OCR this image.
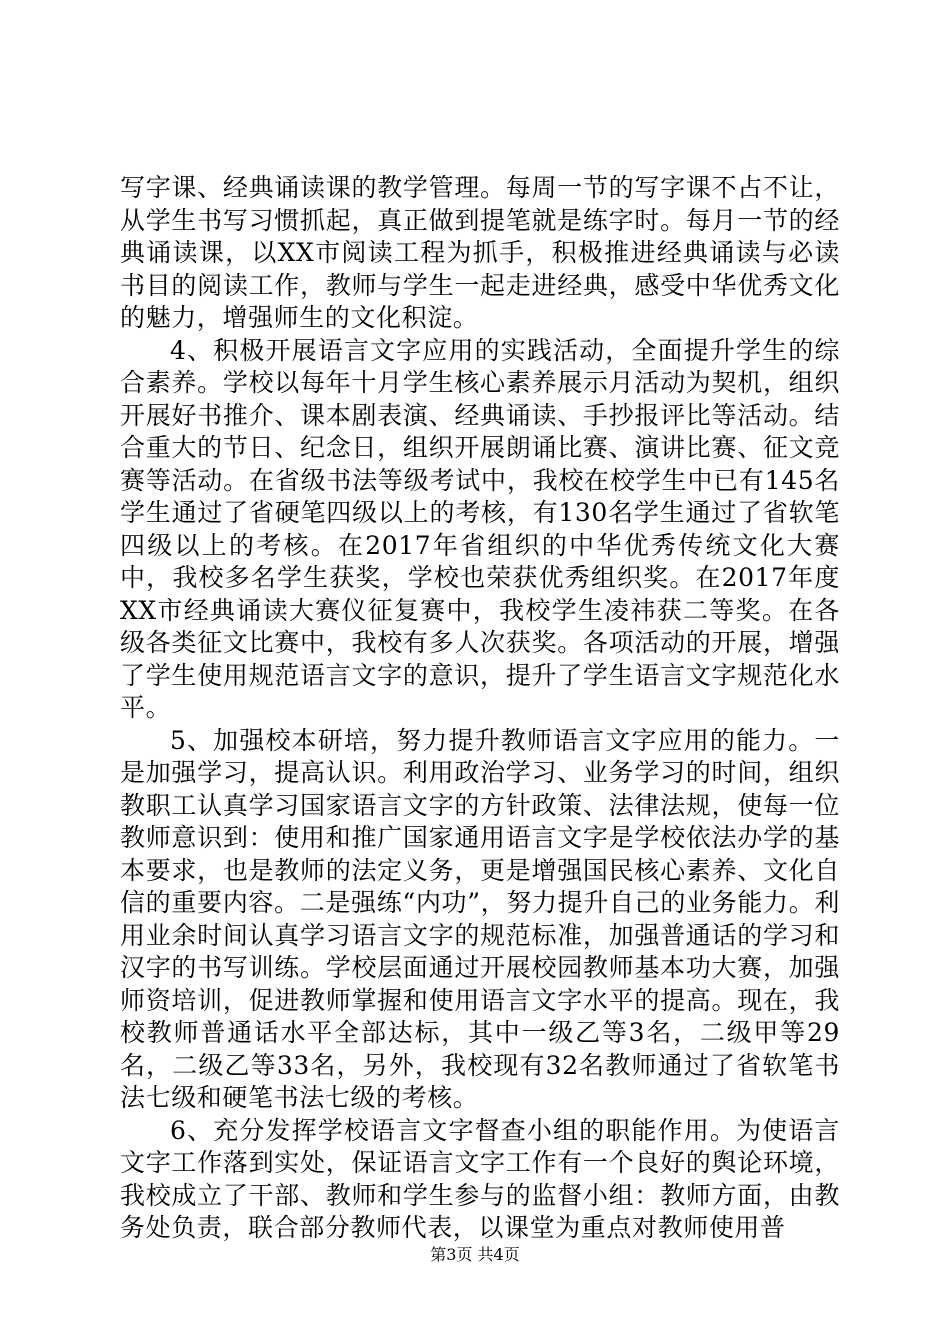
写字课、经典诵读课的教学管理。每周一节的写字课不占不让，从学生书写习惯抓起，真正做到提笔就是练字时。每月一节的经典诵读课，以XX市阅读工程为抓手，积极推进经典诵读与必读书目的阅读工作，教师与学生一起走进经典，感受中华优秀文化的魅力，增强师生的文化积淀。

4、积极开展语言文字应用的实践活动，全面提升学生的综合素养。学校以每年十月学生核心素养展示月活动为契机，组织开展好书推介、课本剧表演、经典诵读、手抄报评比等活动。结合重大的节日、纪念日，组织开展朗诵比赛、演讲比赛、征文竞赛等活动。在省级书法等级考试中，我校在校学生中已有145名学生通过了省硬笔四级以上的考核，有130名学生通过了省软笔四级以上的考核。在2017年省组织的中华优秀传统文化大赛中，我校多名学生获奖，学校也荣获优秀组织奖。在2017年度XX市经典诵读大赛仪征复赛中，我校学生凌祎获二等奖。在各级各类征文比赛中，我校有多人次获奖。各项活动的开展，增强了学生使用规范语言文字的意识，提升了学生语言文字规范化水平。

5、加强校本研培，努力提升教师语言文字应用的能力。一是加强学习，提高认识。利用政治学习、业务学习的时间，组织教职工认真学习国家语言文字的方针政策、法律法规，使每一位教师意识到：使用和推广国家通用语言文字是学校依法办学的基本要求，也是教师的法定义务，更是增强国民核心素养、文化自信的重要内容。二是强练“内功”，努力提升自己的业务能力。利用业余时间认真学习语言文字的规范标准，加强普通话的学习和汉字的书写训练。学校层面通过开展校园教师基本功大赛，加强师资培训，促进教师掌握和使用语言文字水平的提高。现在，我校教师普通话水平全部达标，其中一级乙等3名，二级甲等29名，二级乙等33名，另外，我校现有32名教师通过了省软笔书法七级和硬笔书法七级的考核。

6、充分发挥学校语言文字督查小组的职能作用。为使语言文字工作落到实处，保证语言文字工作有一个良好的舆论环境，我校成立了干部、教师和学生参与的监督小组：教师方面，由教务处负责，联合部分教师代表，以课堂为重点对教师使用普

第3页 共4页
